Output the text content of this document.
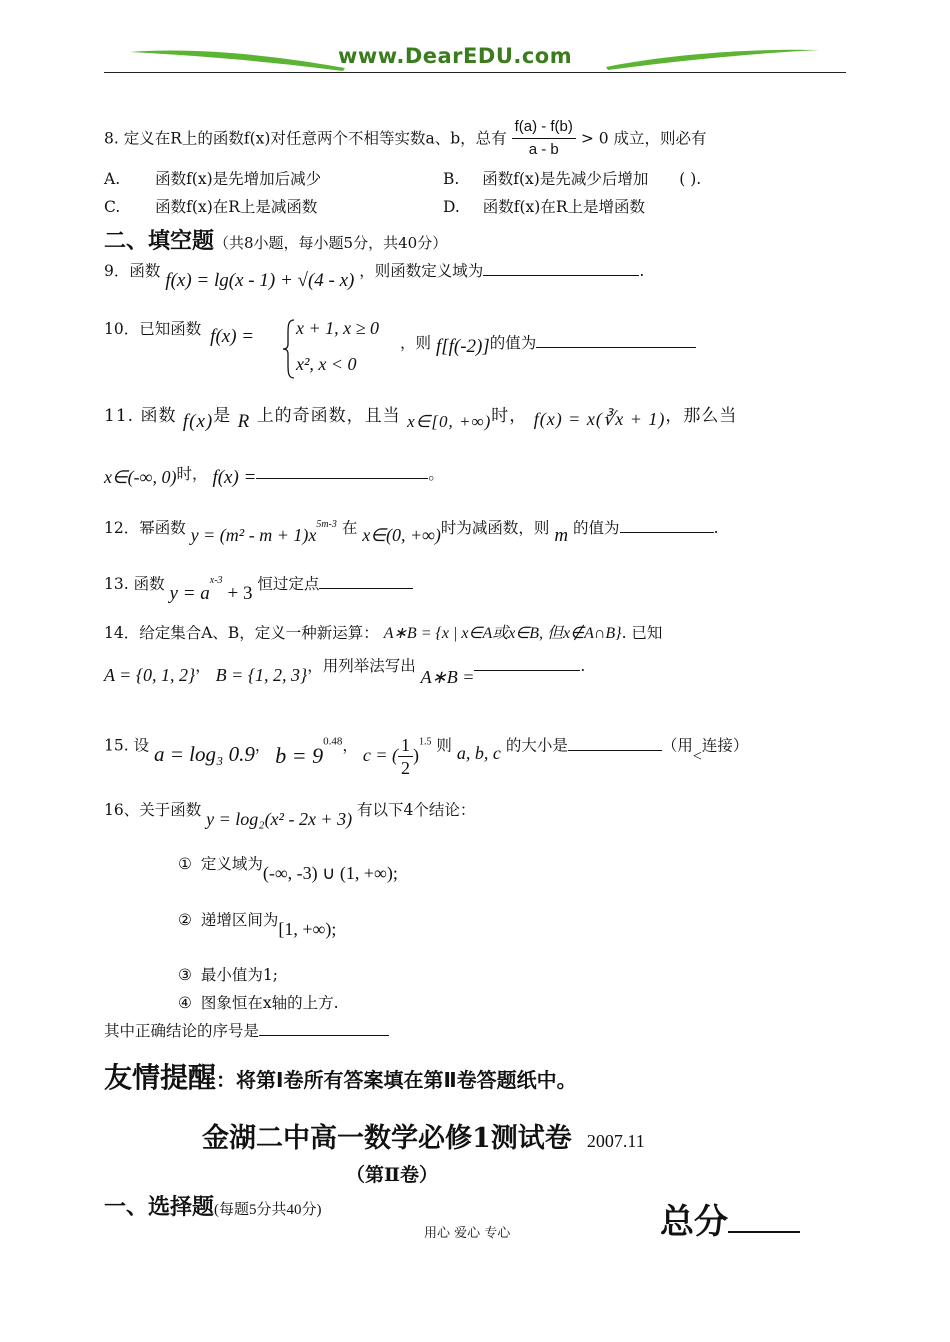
www.DearEDU.com
8. 定义在R上的函数f(x)对任意两个不相等实数a、b，总有 $\frac{f(a) - f(b)}{a - b} > 0$ 成立，则必有
A. 函数f(x)是先增加后减少	B. 函数f(x)是先减少后增加 ( ).
C. 函数f(x)在R上是减函数	D. 函数f(x)在R上是增函数
二、填空题（共8小题，每小题5分，共40分）
9．函数 f(x) = lg(x - 1) + √(4 - x) ，则函数定义域为	.
10．已知函数 f(x) = x + 1, x ≥ 0
x², x < 0
，则 f[f(-2)]的值为
11. 函数 f(x)是 R 上的奇函数，且当 x∈[0, +∞)时， f(x) = x(∛x + 1)，那么当
x∈(-∞, 0)时， f(x) =	。
12．幂函数 $y = (m^2 - m + 1)x^{5m-3}$ 在 x∈(0, +∞)时为减函数，则 m 的值为	.
13. 函数 $y = a^{x-3} + 3$ 恒过定点
14．给定集合A、B，定义一种新运算： A∗B = {x | x∈A或x∈B, 但x∉A∩B}. 已知
A = {0, 1, 2}， B = {1, 2, 3}，用列举法写出 A∗B =.
15. 设 a = log₃ 0.9， $b = 9^{0.48}$， c = ( $\frac{1}{2} )^{1.5}$ 则 a, b, c 的大小是	（用<连接）
16、关于函数 y = log₂(x² - 2x + 3) 有以下4个结论：
① 定义域为(-∞, -3) ∪ (1, +∞);
② 递增区间为[1, +∞);
③ 最小值为1;
④ 图象恒在x轴的上方.
其中正确结论的序号是
友情提醒：将第Ⅰ卷所有答案填在第Ⅱ卷答题纸中。
金湖二中高一数学必修1测试卷 2007.11
（第Ⅱ卷）
一、选择题(每题5分共40分)	总分
用心 爱心 专心
